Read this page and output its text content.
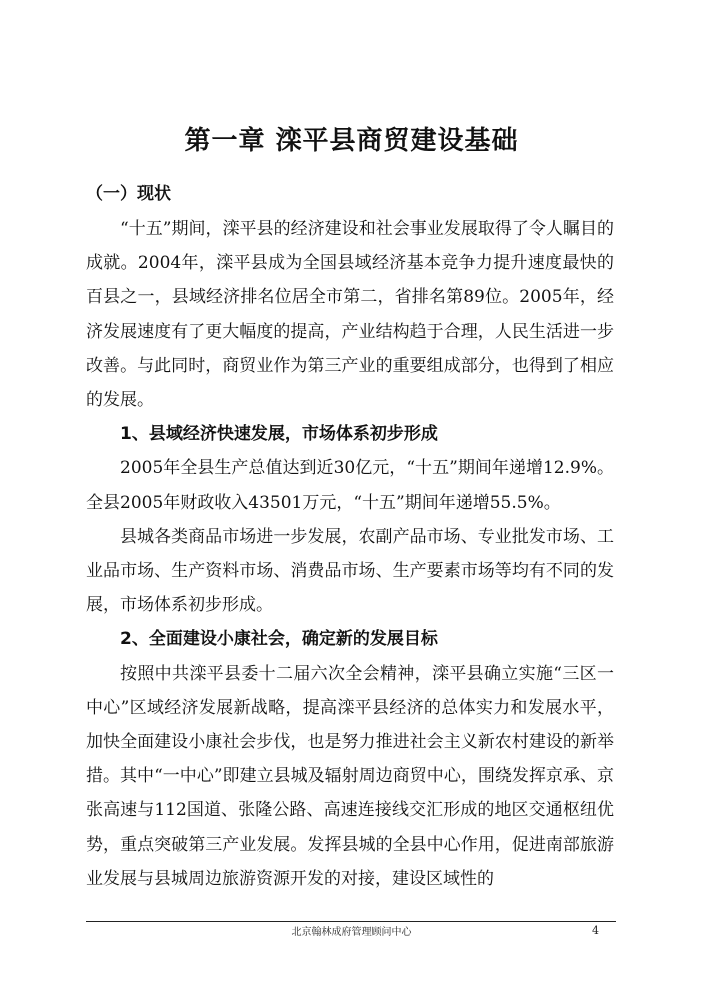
第一章 滦平县商贸建设基础
（一）现状

“十五”期间，滦平县的经济建设和社会事业发展取得了令人瞩目的成就。2004年，滦平县成为全国县域经济基本竞争力提升速度最快的百县之一，县域经济排名位居全市第二，省排名第89位。2005年，经济发展速度有了更大幅度的提高，产业结构趋于合理，人民生活进一步改善。与此同时，商贸业作为第三产业的重要组成部分，也得到了相应的发展。

1、县域经济快速发展，市场体系初步形成

2005年全县生产总值达到近30亿元，“十五”期间年递增12.9%。全县2005年财政收入43501万元，“十五”期间年递增55.5%。

县城各类商品市场进一步发展，农副产品市场、专业批发市场、工业品市场、生产资料市场、消费品市场、生产要素市场等均有不同的发展，市场体系初步形成。

2、全面建设小康社会，确定新的发展目标

按照中共滦平县委十二届六次全会精神，滦平县确立实施“三区一中心”区域经济发展新战略，提高滦平县经济的总体实力和发展水平，加快全面建设小康社会步伐，也是努力推进社会主义新农村建设的新举措。其中“一中心”即建立县城及辐射周边商贸中心，围绕发挥京承、京张高速与112国道、张隆公路、高速连接线交汇形成的地区交通枢纽优势，重点突破第三产业发展。发挥县城的全县中心作用，促进南部旅游业发展与县城周边旅游资源开发的对接，建设区域性的

北京翰林成府管理顾问中心	4
